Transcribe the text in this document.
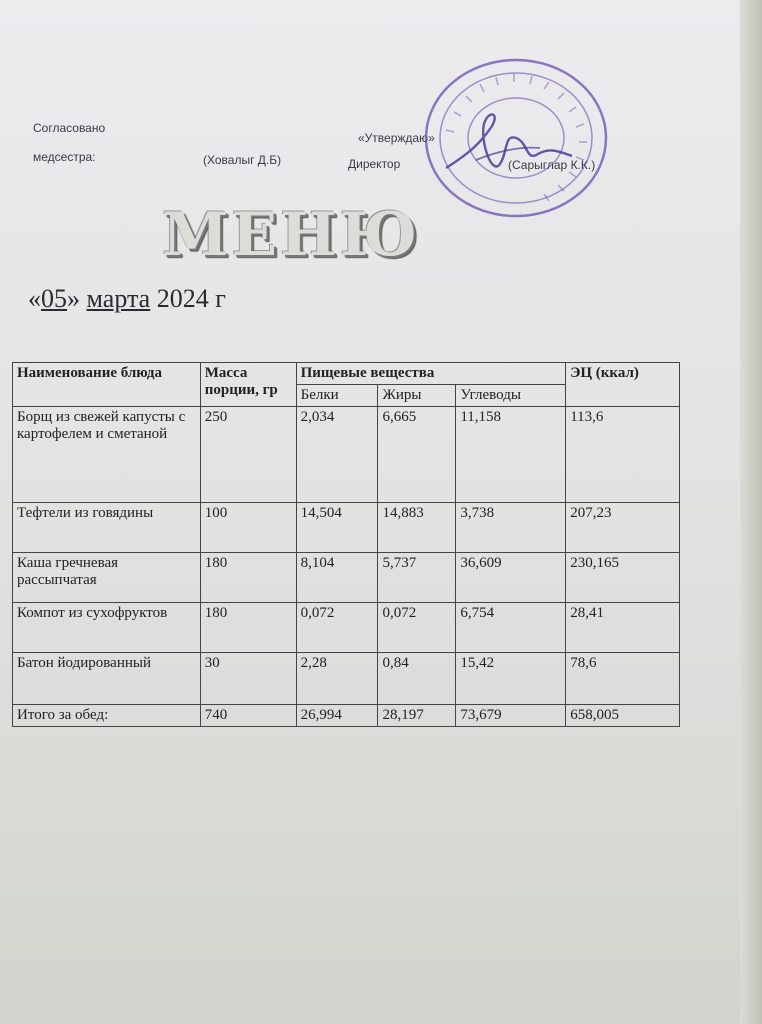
Согласовано
медсестра:	(Ховалыг Д.Б)
«Утверждаю»
Директор	(Сарыглар К.К.)
МЕНЮ
«05» марта 2024 г
Наименование блюда	Масса порции, гр	Пищевые вещества			ЭЦ (ккал)
		Белки	Жиры	Углеводы	
Борщ из свежей капусты с картофелем и сметаной	250	2,034	6,665	11,158	113,6
Тефтели из говядины	100	14,504	14,883	3,738	207,23
Каша гречневая рассыпчатая	180	8,104	5,737	36,609	230,165
Компот из сухофруктов	180	0,072	0,072	6,754	28,41
Батон йодированный	30	2,28	0,84	15,42	78,6
Итого за обед:	740	26,994	28,197	73,679	658,005
